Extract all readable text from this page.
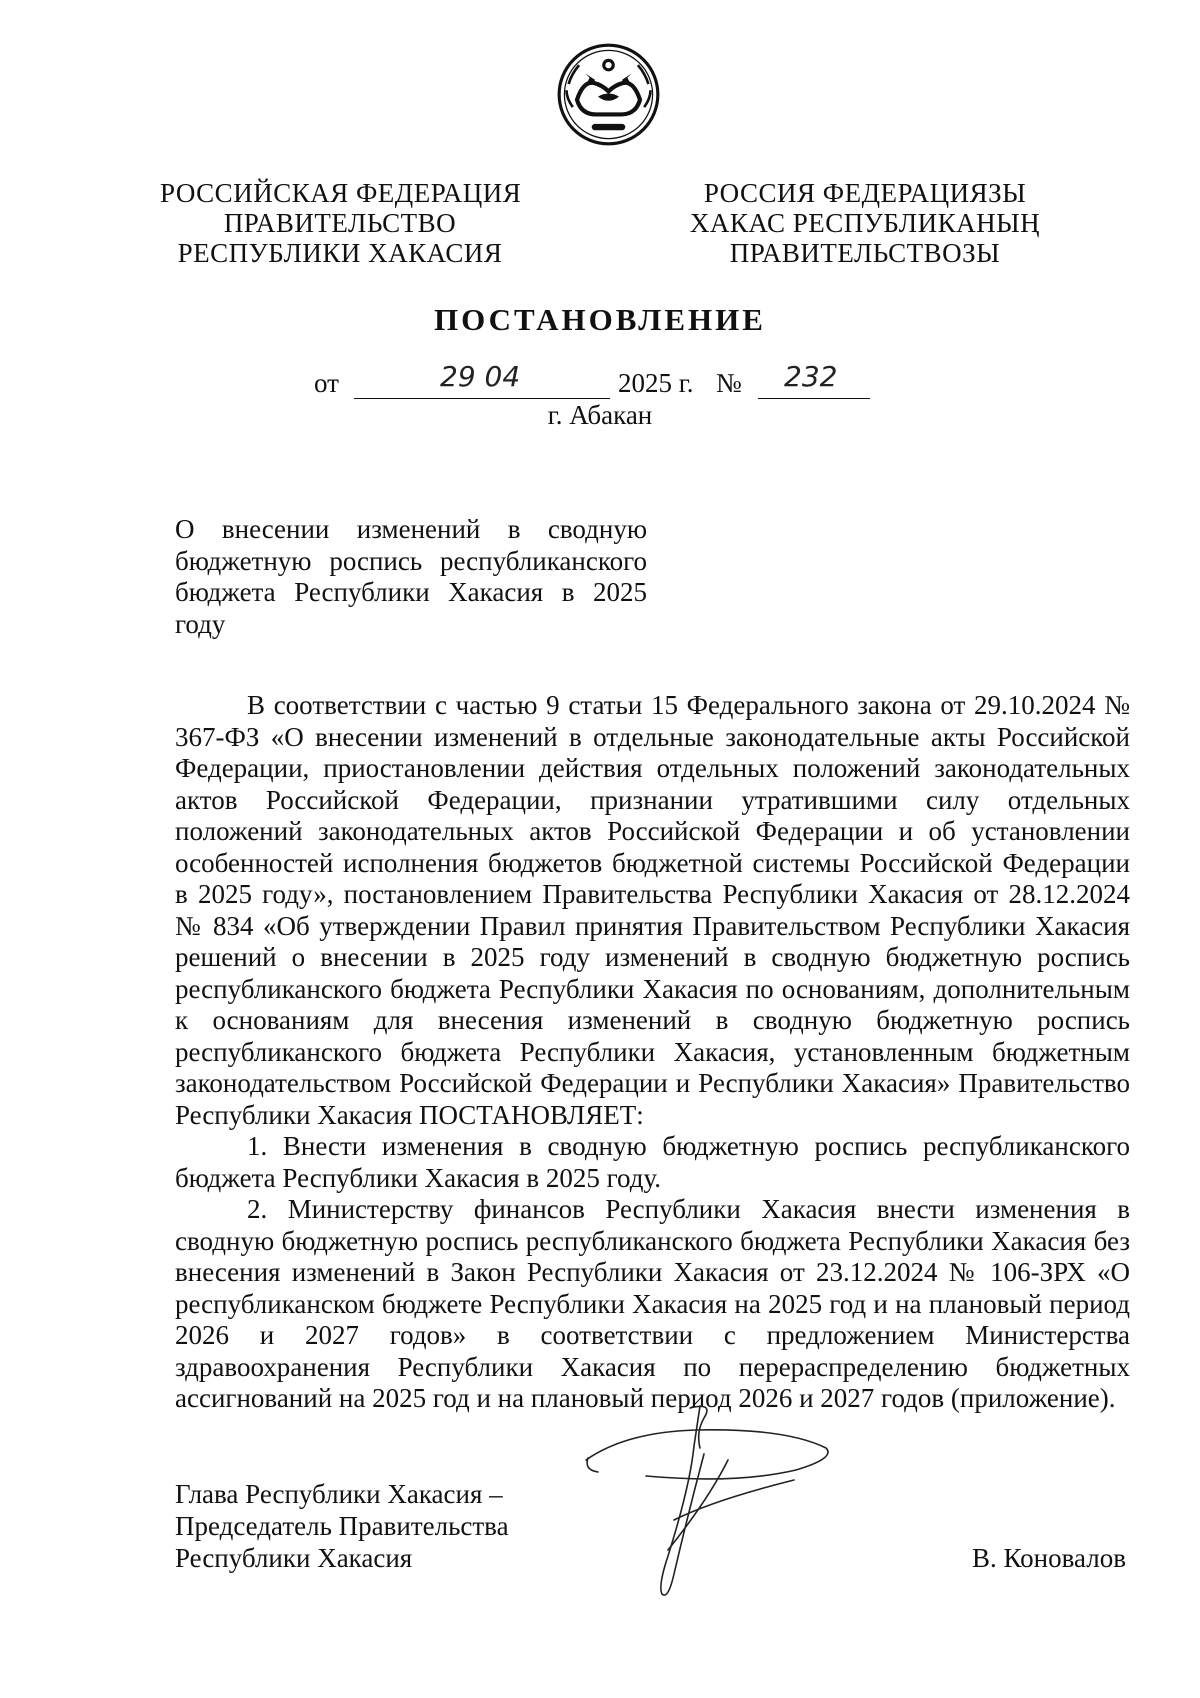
РОССИЙСКАЯ ФЕДЕРАЦИЯ
ПРАВИТЕЛЬСТВО
РЕСПУБЛИКИ ХАКАСИЯ
РОССИЯ ФЕДЕРАЦИЯЗЫ
ХАКАС РЕСПУБЛИКАНЫҢ
ПРАВИТЕЛЬСТВОЗЫ
ПОСТАНОВЛЕНИЕ
от	29 04	2025 г. № 232
г. Абакан
О внесении изменений в сводную бюджетную роспись республиканского бюджета Республики Хакасия в 2025 году

В соответствии с частью 9 статьи 15 Федерального закона от 29.10.2024 № 367-ФЗ «О внесении изменений в отдельные законодательные акты Российской Федерации, приостановлении действия отдельных положений законодательных актов Российской Федерации, признании утратившими силу отдельных положений законодательных актов Российской Федерации и об установлении особенностей исполнения бюджетов бюджетной системы Российской Федерации в 2025 году», постановлением Правительства Республики Хакасия от 28.12.2024 № 834 «Об утверждении Правил принятия Правительством Республики Хакасия решений о внесении в 2025 году изменений в сводную бюджетную роспись республиканского бюджета Республики Хакасия по основаниям, дополнительным к основаниям для внесения изменений в сводную бюджетную роспись республиканского бюджета Республики Хакасия, установленным бюджетным законодательством Российской Федерации и Республики Хакасия» Правительство Республики Хакасия ПОСТАНОВЛЯЕТ:

1. Внести изменения в сводную бюджетную роспись республиканского бюджета Республики Хакасия в 2025 году.

2. Министерству финансов Республики Хакасия внести изменения в сводную бюджетную роспись республиканского бюджета Республики Хакасия без внесения изменений в Закон Республики Хакасия от 23.12.2024 № 106-ЗРХ «О республиканском бюджете Республики Хакасия на 2025 год и на плановый период 2026 и 2027 годов» в соответствии с предложением Министерства здравоохранения Республики Хакасия по перераспределению бюджетных ассигнований на 2025 год и на плановый период 2026 и 2027 годов (приложение).

Глава Республики Хакасия –
Председатель Правительства
Республики Хакасия	В. Коновалов
